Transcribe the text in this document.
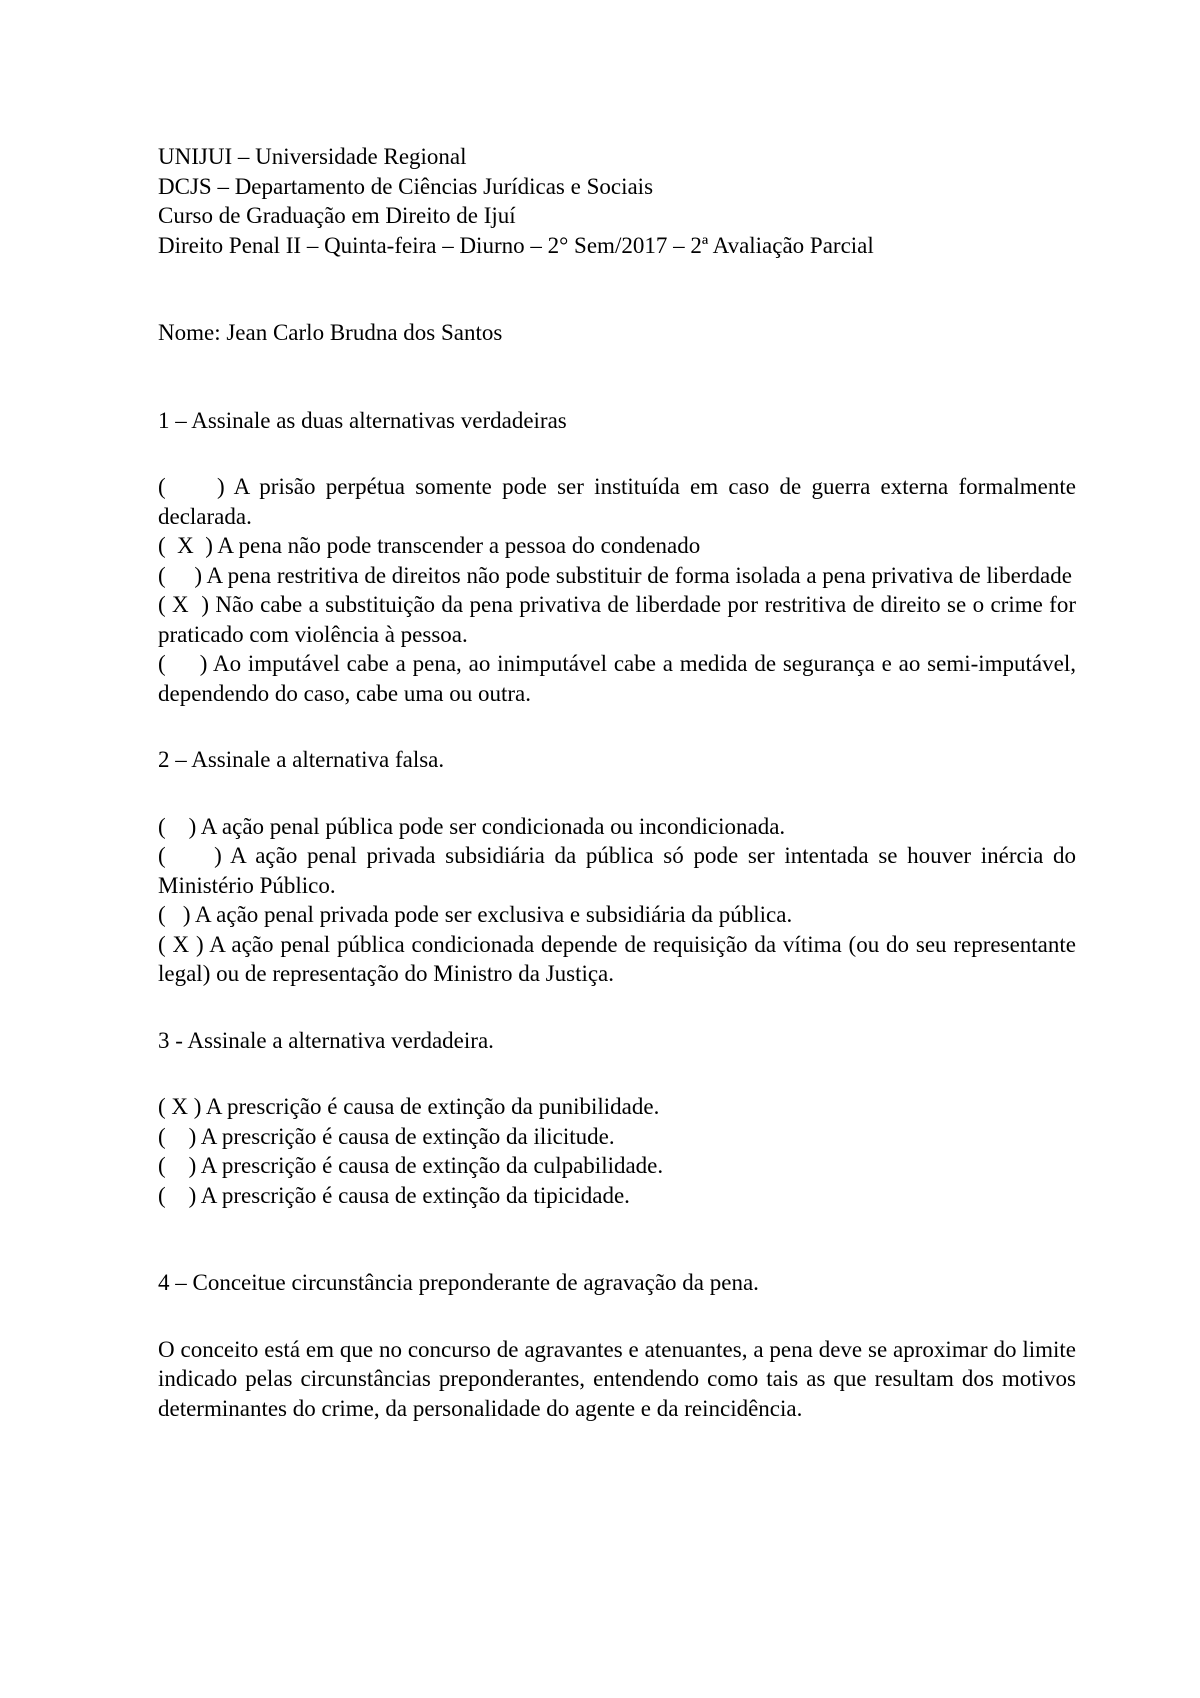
UNIJUI – Universidade Regional
DCJS – Departamento de Ciências Jurídicas e Sociais
Curso de Graduação em Direito de Ijuí
Direito Penal II – Quinta-feira – Diurno – 2° Sem/2017 – 2ª Avaliação Parcial
Nome: Jean Carlo Brudna dos Santos
1 – Assinale as duas alternativas verdadeiras
(     ) A prisão perpétua somente pode ser instituída em caso de guerra externa formalmente declarada.
(  X  ) A pena não pode transcender a pessoa do condenado
(     ) A pena restritiva de direitos não pode substituir de forma isolada a pena privativa de liberdade
( X  ) Não cabe a substituição da pena privativa de liberdade por restritiva de direito se o crime for praticado com violência à pessoa.
(     ) Ao imputável cabe a pena, ao inimputável cabe a medida de segurança e ao semi-imputável, dependendo do caso, cabe uma ou outra.
2 – Assinale a alternativa falsa.
(    ) A ação penal pública pode ser condicionada ou incondicionada.
(     ) A ação penal privada subsidiária da pública só pode ser intentada se houver inércia do Ministério Público.
(   ) A ação penal privada pode ser exclusiva e subsidiária da pública.
( X ) A ação penal pública condicionada depende de requisição da vítima (ou do seu representante legal) ou de representação do Ministro da Justiça.
3 - Assinale a alternativa verdadeira.
( X ) A prescrição é causa de extinção da punibilidade.
(    ) A prescrição é causa de extinção da ilicitude.
(    ) A prescrição é causa de extinção da culpabilidade.
(    ) A prescrição é causa de extinção da tipicidade.
4 – Conceitue circunstância preponderante de agravação da pena.
O conceito está em que no concurso de agravantes e atenuantes, a pena deve se aproximar do limite indicado pelas circunstâncias preponderantes, entendendo como tais as que resultam dos motivos determinantes do crime, da personalidade do agente e da reincidência.
